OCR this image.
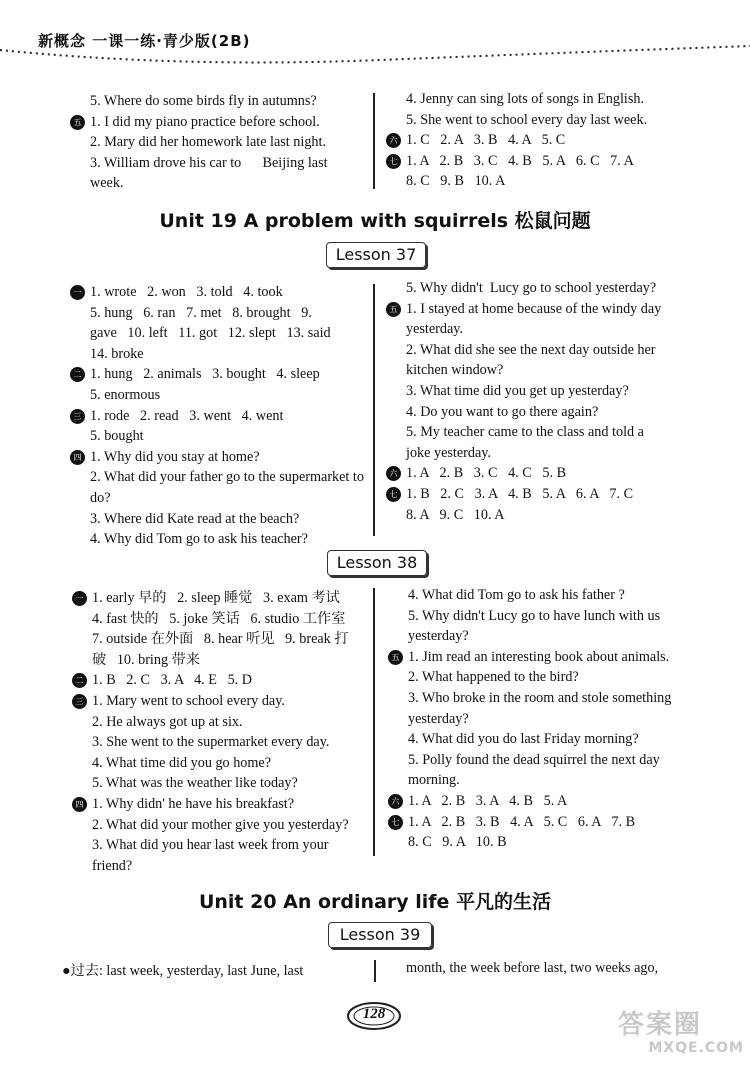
新概念 一课一练·青少版(2B)
5. Where do some birds fly in autumns?
五 1. I did my piano practice before school.
2. Mary did her homework late last night.
3. William drove his car to      Beijing last
week.
4. Jenny can sing lots of songs in English.
5. She went to school every day last week.
六 1. C   2. A   3. B   4. A   5. C
七 1. A   2. B   3. C   4. B   5. A   6. C   7. A
8. C   9. B   10. A
Unit 19 A problem with squirrels 松鼠问题
Lesson 37
一 1. wrote   2. won   3. told   4. took
5. hung   6. ran   7. met   8. brought   9.
gave   10. left   11. got   12. slept   13. said
14. broke
二 1. hung   2. animals   3. bought   4. sleep
5. enormous
三 1. rode   2. read   3. went   4. went
5. bought
四 1. Why did you stay at home?
2. What did your father go to the supermarket to
do?
3. Where did Kate read at the beach?
4. Why did Tom go to ask his teacher?
5. Why didn't  Lucy go to school yesterday?
五 1. I stayed at home because of the windy day
yesterday.
2. What did she see the next day outside her
kitchen window?
3. What time did you get up yesterday?
4. Do you want to go there again?
5. My teacher came to the class and told a
joke yesterday.
六 1. A   2. B   3. C   4. C   5. B
七 1. B   2. C   3. A   4. B   5. A   6. A   7. C
8. A   9. C   10. A
Lesson 38
一 1. early 早的   2. sleep 睡觉   3. exam 考试
4. fast 快的   5. joke 笑话   6. studio 工作室
7. outside 在外面   8. hear 听见   9. break 打
破   10. bring 带来
二 1. B   2. C   3. A   4. E   5. D
三 1. Mary went to school every day.
2. He always got up at six.
3. She went to the supermarket every day.
4. What time did you go home?
5. What was the weather like today?
四 1. Why didn' he have his breakfast?
2. What did your mother give you yesterday?
3. What did you hear last week from your
friend?
4. What did Tom go to ask his father ?
5. Why didn't Lucy go to have lunch with us
yesterday?
五 1. Jim read an interesting book about animals.
2. What happened to the bird?
3. Who broke in the room and stole something
yesterday?
4. What did you do last Friday morning?
5. Polly found the dead squirrel the next day
morning.
六 1. A   2. B   3. A   4. B   5. A
七 1. A   2. B   3. B   4. A   5. C   6. A   7. B
8. C   9. A   10. B
Unit 20 An ordinary life 平凡的生活
Lesson 39
●过去: last week, yesterday, last June, last	month, the week before last, two weeks ago,
128	答案圈
MXQE.COM
